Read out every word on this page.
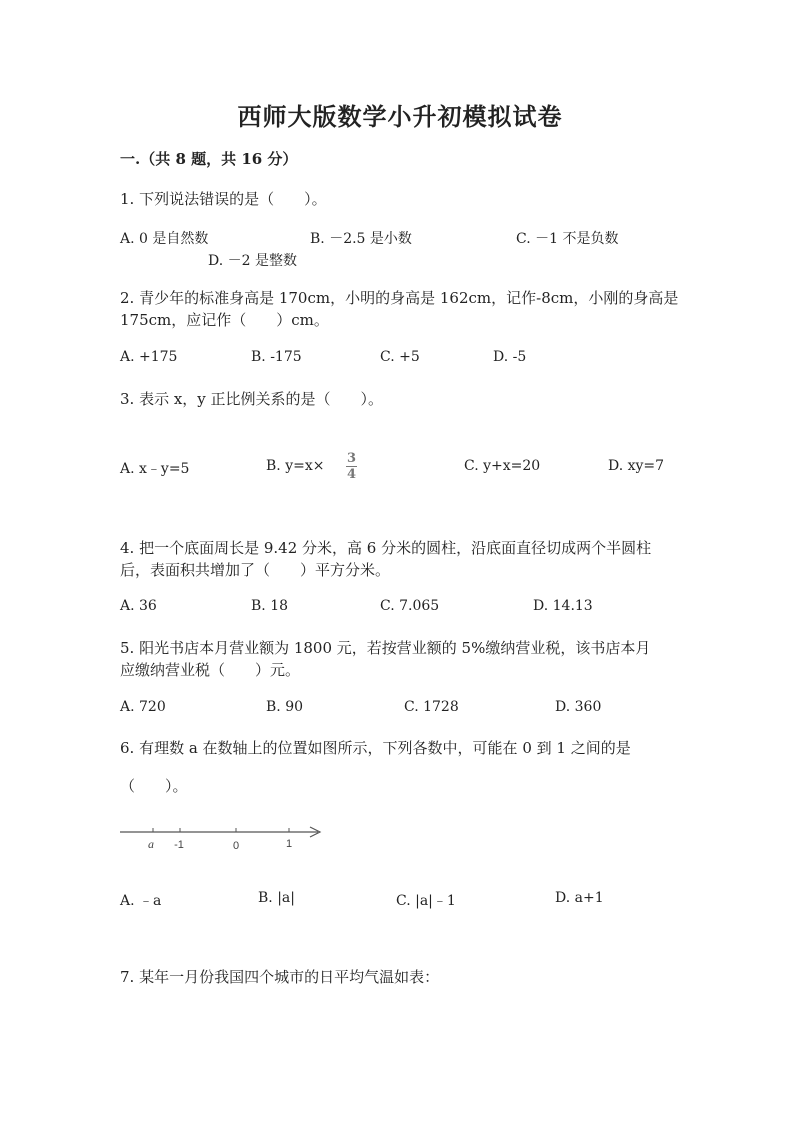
西师大版数学小升初模拟试卷
一.（共 8 题，共 16 分）
1. 下列说法错误的是（　　）。
A. 0 是自然数	B. －2.5 是小数	C. －1 不是负数
D. －2 是整数
2. 青少年的标准身高是 170cm，小明的身高是 162cm，记作-8cm，小刚的身高是
175cm，应记作（　　）cm。
A. +175	B. -175	C. +5	D. -5
3. 表示 x，y 正比例关系的是（　　）。
A. x﹣y=5	B. y=x× 3
4
C. y+x=20	D. xy=7
4. 把一个底面周长是 9.42 分米，高 6 分米的圆柱，沿底面直径切成两个半圆柱
后，表面积共增加了（　　）平方分米。
A. 36	B. 18	C. 7.065	D. 14.13
5. 阳光书店本月营业额为 1800 元，若按营业额的 5%缴纳营业税，该书店本月
应缴纳营业税（　　）元。
A. 720	B. 90	C. 1728	D. 360
6. 有理数 a 在数轴上的位置如图所示，下列各数中，可能在 0 到 1 之间的是
（　　）。
a -1	0	1
A. ﹣a	B. |a|	C. |a|﹣1	D. a+1
7. 某年一月份我国四个城市的日平均气温如表：
